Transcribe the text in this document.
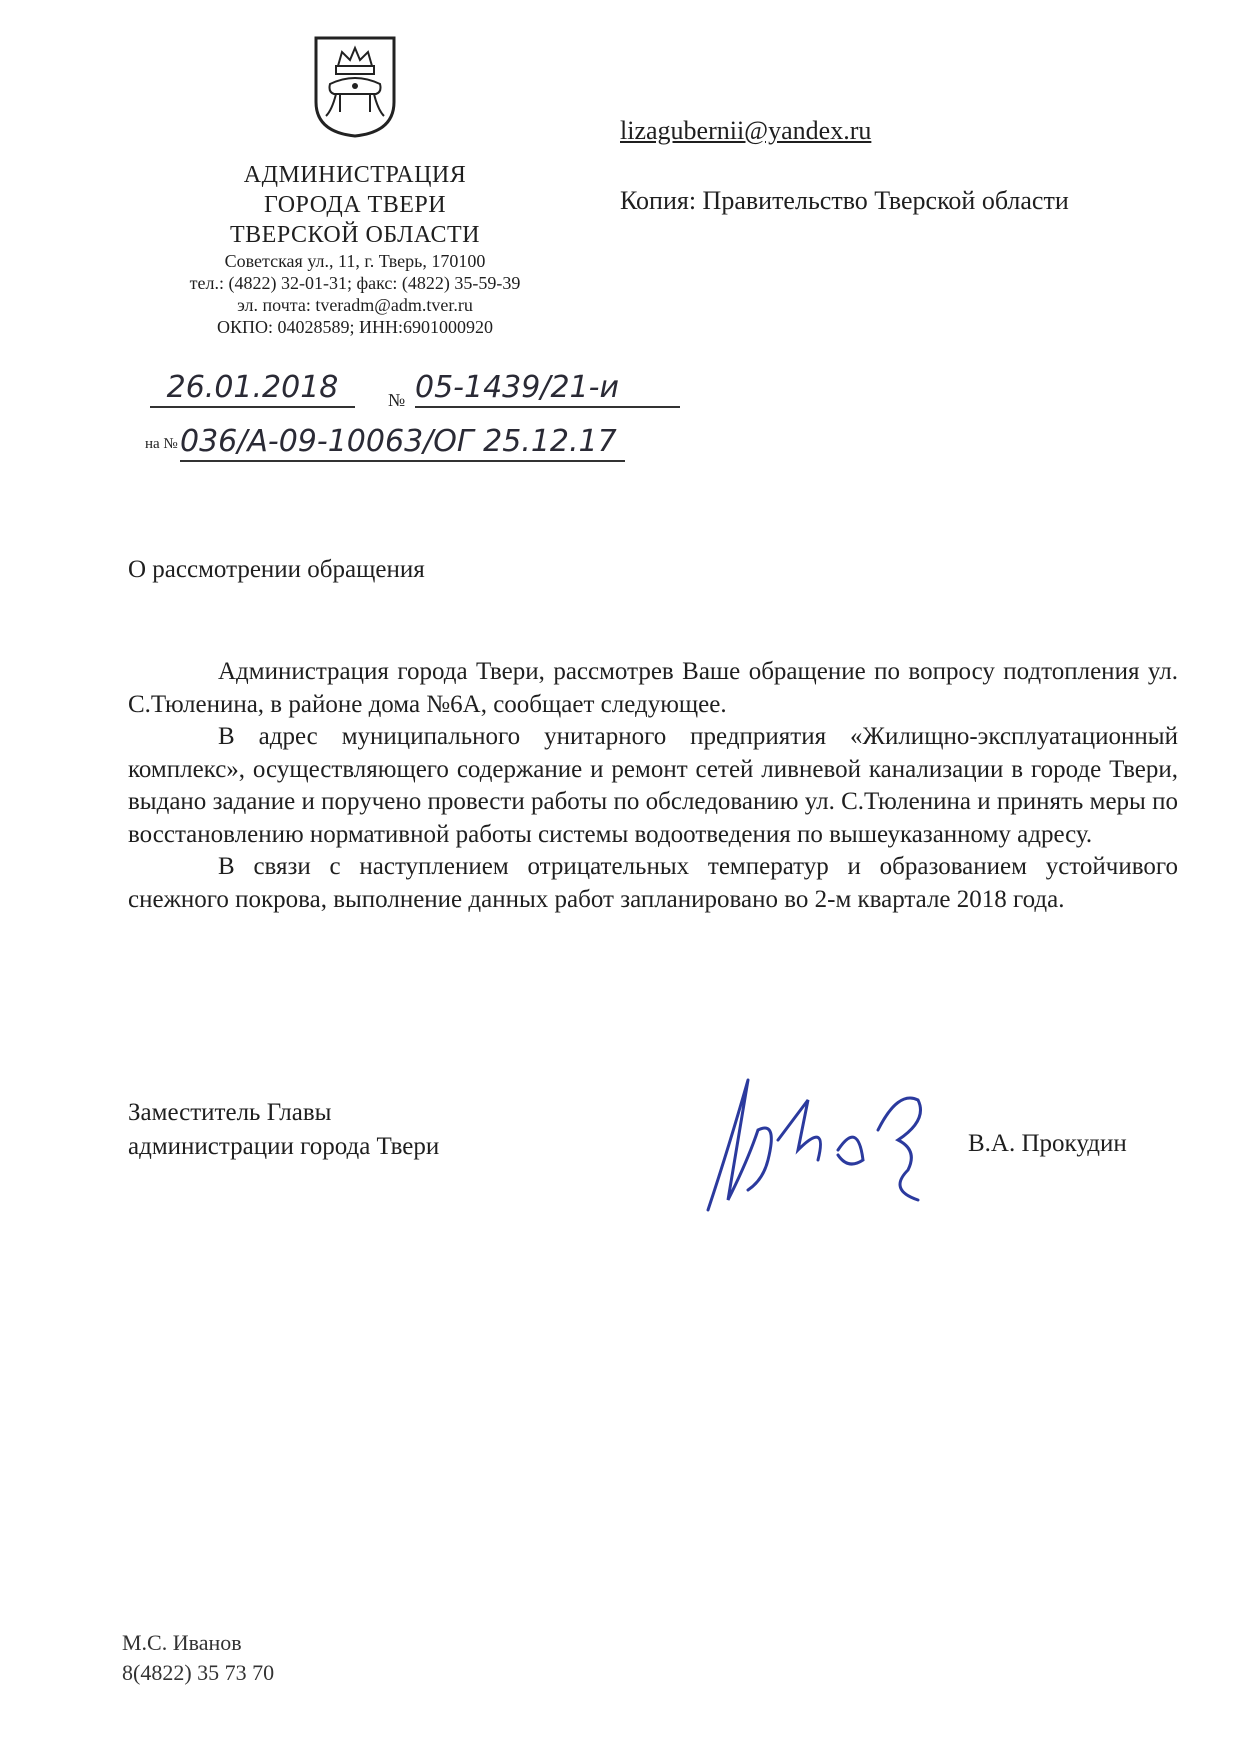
АДМИНИСТРАЦИЯ
ГОРОДА ТВЕРИ
ТВЕРСКОЙ ОБЛАСТИ
Советская ул., 11, г. Тверь, 170100
тел.: (4822) 32-01-31; факс: (4822) 35-59-39
эл. почта: tveradm@adm.tver.ru
ОКПО: 04028589; ИНН:6901000920
lizagubernii@yandex.ru
Копия: Правительство Тверской области
26.01.2018	№ 05-1439/21-и
на № 036/А-09-10063/ОГ 25.12.17
О рассмотрении обращения

Администрация города Твери, рассмотрев Ваше обращение по вопросу подтопления ул. С.Тюленина, в районе дома №6А, сообщает следующее.

В адрес муниципального унитарного предприятия «Жилищно-эксплуатационный комплекс», осуществляющего содержание и ремонт сетей ливневой канализации в городе Твери, выдано задание и поручено провести работы по обследованию ул. С.Тюленина и принять меры по восстановлению нормативной работы системы водоотведения по вышеуказанному адресу.

В связи с наступлением отрицательных температур и образованием устойчивого снежного покрова, выполнение данных работ запланировано во 2-м квартале 2018 года.

Заместитель Главы
администрации города Твери	В.А. Прокудин
М.С. Иванов
8(4822) 35 73 70
